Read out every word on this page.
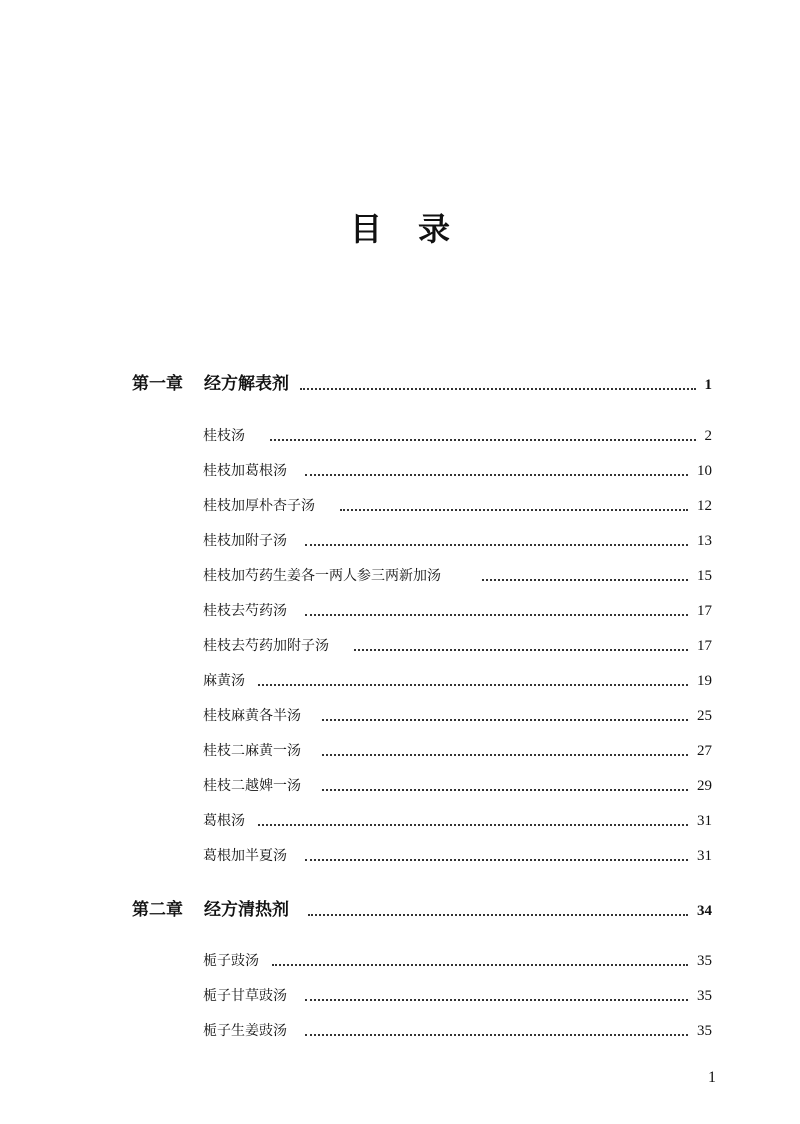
目 录
第一章 经方解表剂	1
桂枝汤	2
桂枝加葛根汤	10
桂枝加厚朴杏子汤	12
桂枝加附子汤	13
桂枝加芍药生姜各一两人参三两新加汤	15
桂枝去芍药汤	17
桂枝去芍药加附子汤	17
麻黄汤	19
桂枝麻黄各半汤	25
桂枝二麻黄一汤	27
桂枝二越婢一汤	29
葛根汤	31
葛根加半夏汤	31
第二章 经方清热剂	34
栀子豉汤	35
栀子甘草豉汤	35
栀子生姜豉汤	35
1
